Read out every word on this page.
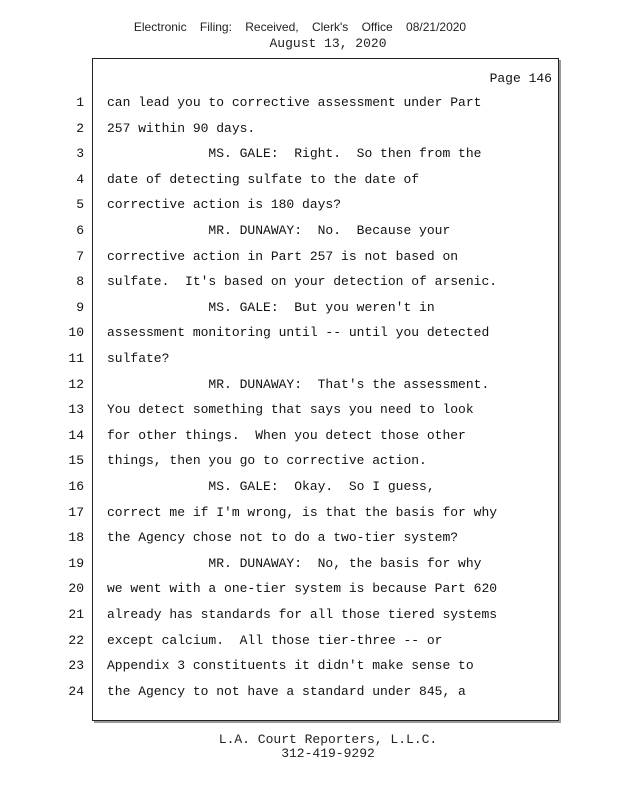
Electronic Filing: Received, Clerk's Office 08/21/2020
August 13, 2020
Page 146
1 can lead you to corrective assessment under Part
2 257 within 90 days.
3 MS. GALE:  Right.  So then from the
4 date of detecting sulfate to the date of
5 corrective action is 180 days?
6 MR. DUNAWAY:  No.  Because your
7 corrective action in Part 257 is not based on
8 sulfate.  It's based on your detection of arsenic.
9 MS. GALE:  But you weren't in
10 assessment monitoring until -- until you detected
11 sulfate?
12 MR. DUNAWAY:  That's the assessment.
13 You detect something that says you need to look
14 for other things.  When you detect those other
15 things, then you go to corrective action.
16 MS. GALE:  Okay.  So I guess,
17 correct me if I'm wrong, is that the basis for why
18 the Agency chose not to do a two-tier system?
19 MR. DUNAWAY:  No, the basis for why
20 we went with a one-tier system is because Part 620
21 already has standards for all those tiered systems
22 except calcium.  All those tier-three -- or
23 Appendix 3 constituents it didn't make sense to
24 the Agency to not have a standard under 845, a
L.A. Court Reporters, L.L.C.
312-419-9292
